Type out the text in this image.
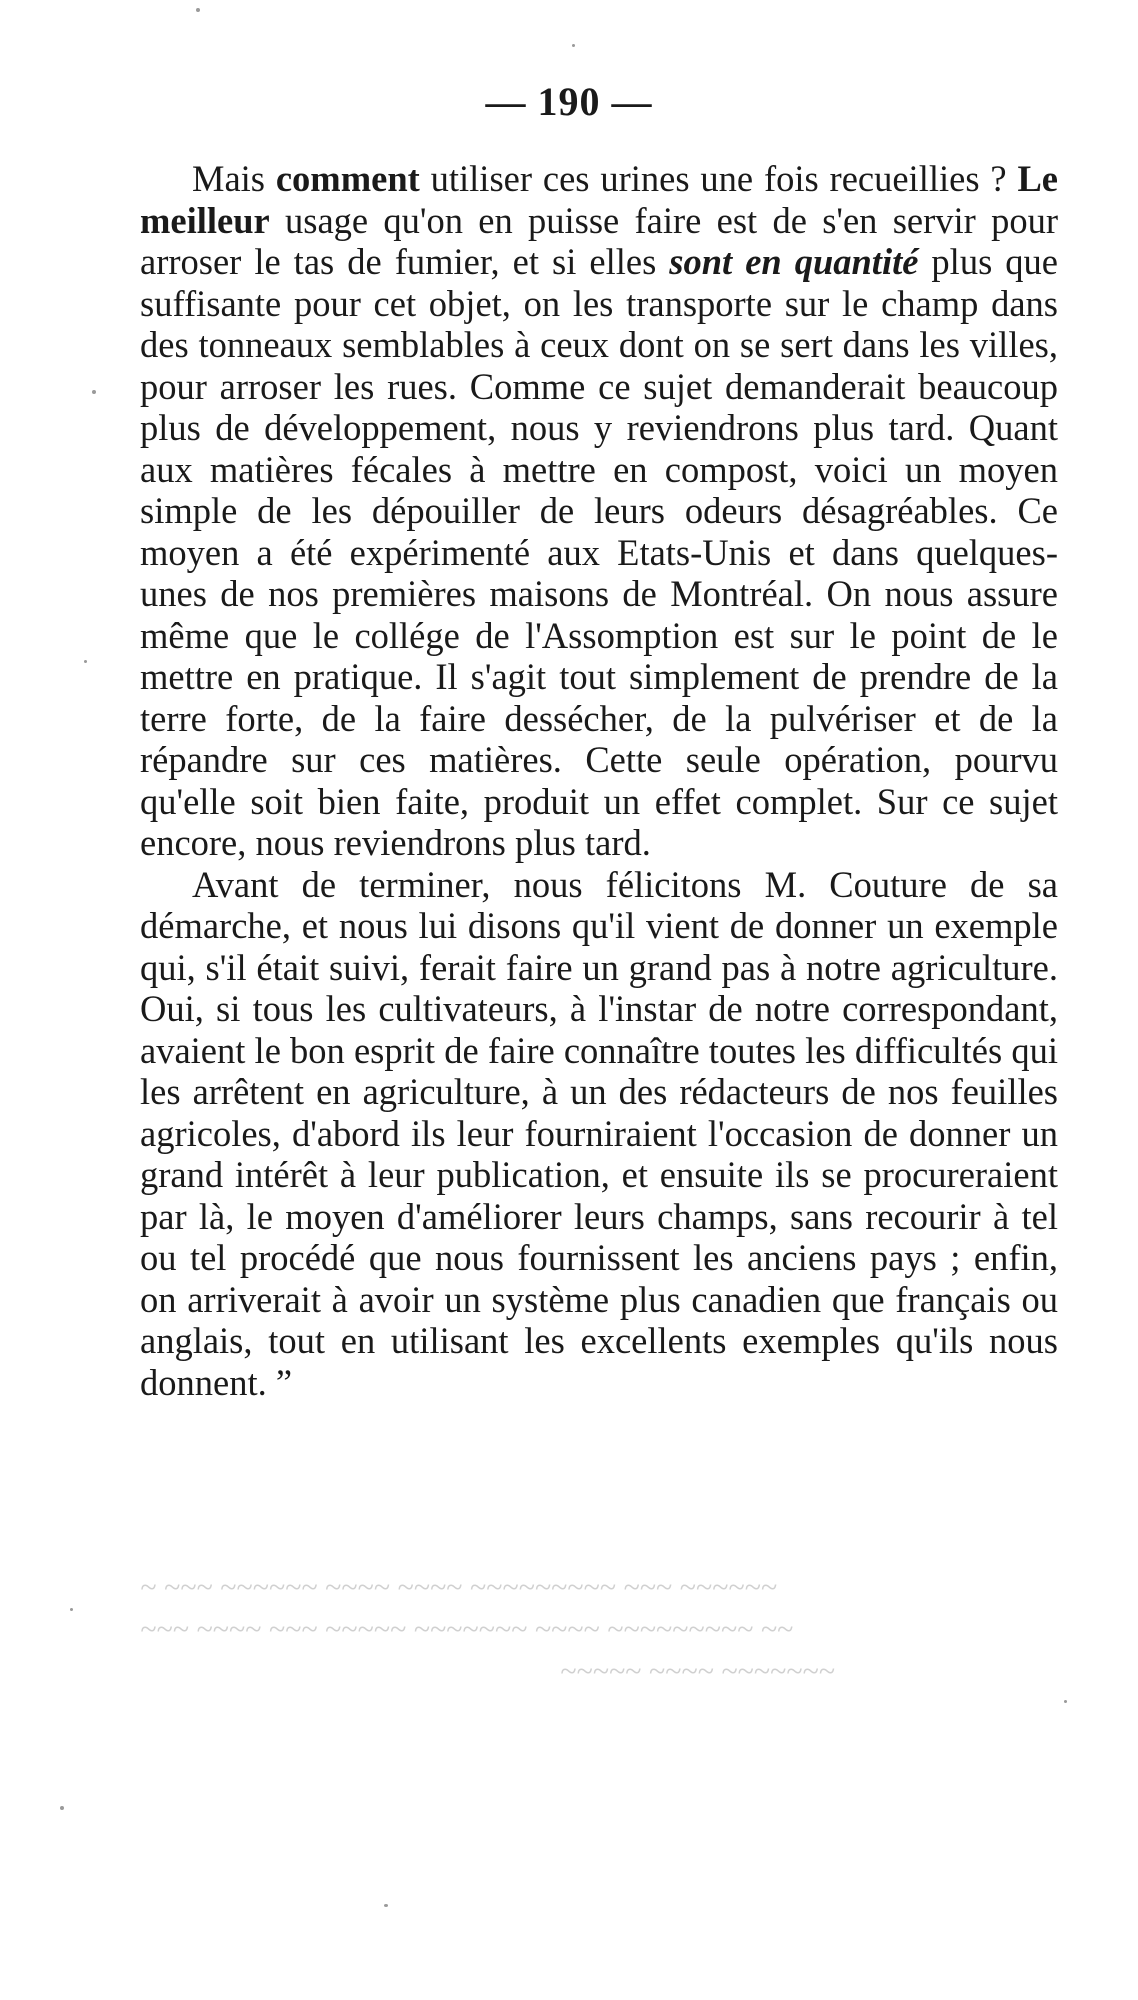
— 190 —

Mais comment utiliser ces urines une fois recueillies ? Le meilleur usage qu'on en puisse faire est de s'en servir pour arroser le tas de fumier, et si elles sont en quantité plus que suffisante pour cet objet, on les transporte sur le champ dans des tonneaux semblables à ceux dont on se sert dans les villes, pour arroser les rues. Comme ce sujet demanderait beaucoup plus de développement, nous y reviendrons plus tard. Quant aux matières fécales à mettre en compost, voici un moyen simple de les dépouiller de leurs odeurs désagréables. Ce moyen a été expérimenté aux Etats-Unis et dans quelques-unes de nos premières maisons de Montréal. On nous assure même que le collége de l'Assomption est sur le point de le mettre en pratique. Il s'agit tout simplement de prendre de la terre forte, de la faire dessécher, de la pulvériser et de la répandre sur ces matières. Cette seule opération, pourvu qu'elle soit bien faite, produit un effet complet. Sur ce sujet encore, nous reviendrons plus tard.

Avant de terminer, nous félicitons M. Couture de sa démarche, et nous lui disons qu'il vient de donner un exemple qui, s'il était suivi, ferait faire un grand pas à notre agriculture. Oui, si tous les cultivateurs, à l'instar de notre correspondant, avaient le bon esprit de faire connaître toutes les difficultés qui les arrêtent en agriculture, à un des rédacteurs de nos feuilles agricoles, d'abord ils leur fourniraient l'occasion de donner un grand intérêt à leur publication, et ensuite ils se procureraient par là, le moyen d'améliorer leurs champs, sans recourir à tel ou tel procédé que nous fournissent les anciens pays ; enfin, on arriverait à avoir un système plus canadien que français ou anglais, tout en utilisant les excellents exemples qu'ils nous donnent. ”

~ ~~~ ~~~~~~ ~~~~ ~~~~ ~~~~~~~~~ ~~~ ~~~~~~
~~~ ~~~~ ~~~ ~~~~~ ~~~~~~~ ~~~~ ~~~~~~~~~ ~~
~~~~~ ~~~~ ~~~~~~~
